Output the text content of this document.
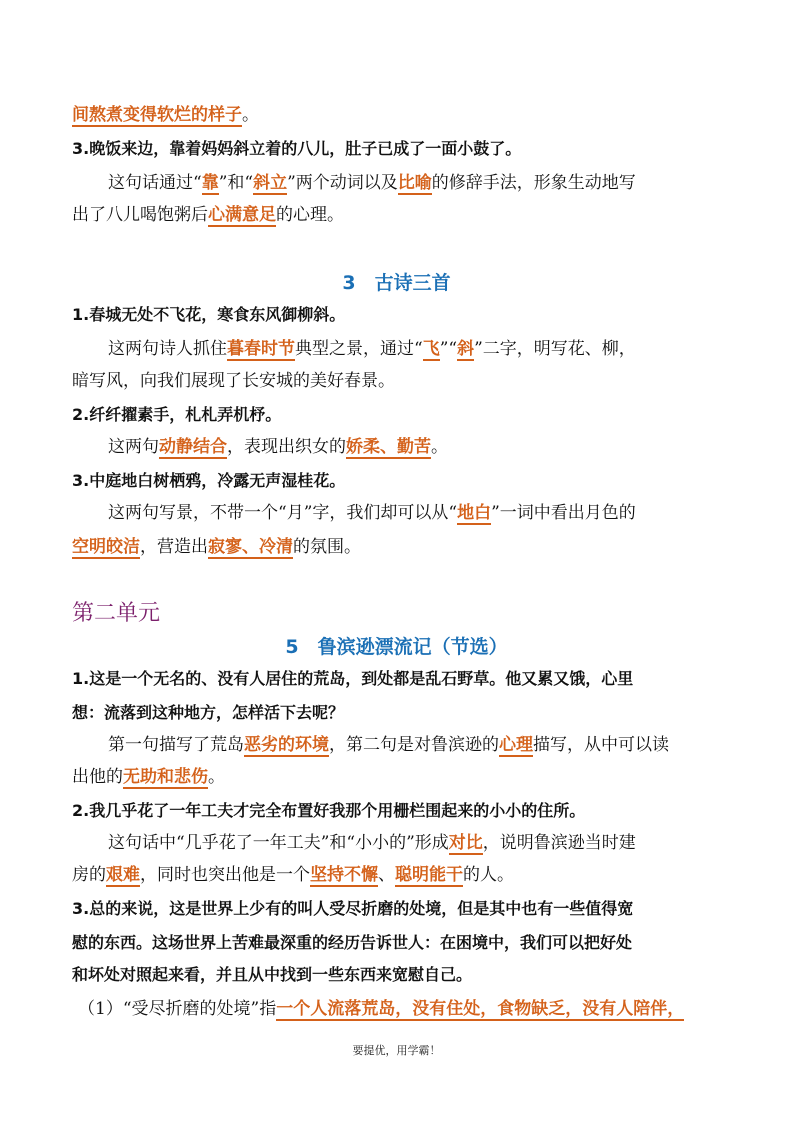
间熬煮变得软烂的样子。
3.晚饭来边，靠着妈妈斜立着的八儿，肚子已成了一面小鼓了。
这句话通过“靠”和“斜立”两个动词以及比喻的修辞手法，形象生动地写
出了八儿喝饱粥后心满意足的心理。
3　古诗三首
1.春城无处不飞花，寒食东风御柳斜。
这两句诗人抓住暮春时节典型之景，通过“飞”“斜”二字，明写花、柳，
暗写风，向我们展现了长安城的美好春景。
2.纤纤擢素手，札札弄机杼。
这两句动静结合，表现出织女的娇柔、勤苦。
3.中庭地白树栖鸦，冷露无声湿桂花。
这两句写景，不带一个“月”字，我们却可以从“地白”一词中看出月色的
空明皎洁，营造出寂寥、冷清的氛围。
第二单元
5　鲁滨逊漂流记（节选）
1.这是一个无名的、没有人居住的荒岛，到处都是乱石野草。他又累又饿，心里
想：流落到这种地方，怎样活下去呢？
第一句描写了荒岛恶劣的环境，第二句是对鲁滨逊的心理描写，从中可以读
出他的无助和悲伤。
2.我几乎花了一年工夫才完全布置好我那个用栅栏围起来的小小的住所。
这句话中“几乎花了一年工夫”和“小小的”形成对比，说明鲁滨逊当时建
房的艰难，同时也突出他是一个坚持不懈、聪明能干的人。
3.总的来说，这是世界上少有的叫人受尽折磨的处境，但是其中也有一些值得宽
慰的东西。这场世界上苦难最深重的经历告诉世人：在困境中，我们可以把好处
和坏处对照起来看，并且从中找到一些东西来宽慰自己。
（1）“受尽折磨的处境”指一个人流落荒岛，没有住处，食物缺乏，没有人陪伴，
要提优，用学霸！
